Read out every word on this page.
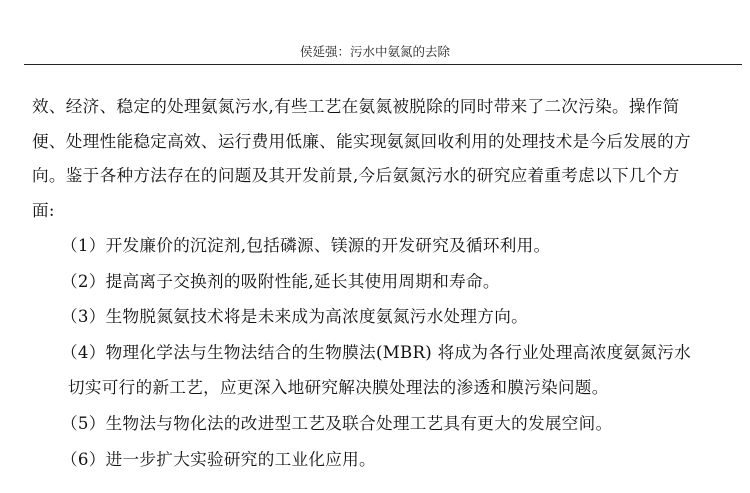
侯延强：污水中氨氮的去除

效、经济、稳定的处理氨氮污水,有些工艺在氨氮被脱除的同时带来了二次污染。操作简

便、处理性能稳定高效、运行费用低廉、能实现氨氮回收利用的处理技术是今后发展的方

向。鉴于各种方法存在的问题及其开发前景,今后氨氮污水的研究应着重考虑以下几个方

面:

（1）开发廉价的沉淀剂,包括磷源、镁源的开发研究及循环利用。

（2）提高离子交换剂的吸附性能,延长其使用周期和寿命。

（3）生物脱氮氨技术将是未来成为高浓度氨氮污水处理方向。

（4）物理化学法与生物法结合的生物膜法(MBR) 将成为各行业处理高浓度氨氮污水

切实可行的新工艺，应更深入地研究解决膜处理法的渗透和膜污染问题。

（5）生物法与物化法的改进型工艺及联合处理工艺具有更大的发展空间。

（6）进一步扩大实验研究的工业化应用。
